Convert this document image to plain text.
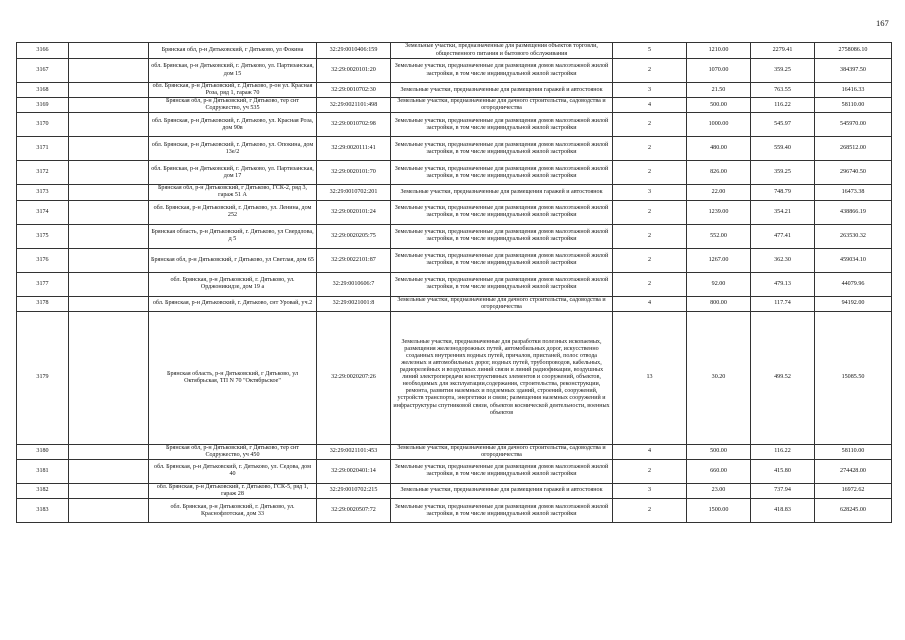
167
3166		Брянская обл, р-н Дятьковский, г Дятьково, ул Фокина	32:29:0010406:159	Земельные участки, предназначенные для размещения объектов торговли, общественного питания и бытового обслуживания	5	1210.00	2279.41	2758086.10
3167		обл. Брянская, р-н Дятьковский, г. Дятьково, ул. Партизанская, дом 15	32:29:0020101:20	Земельные участки, предназначенные для размещения домов малоэтажной жилой застройки, в том числе индивидуальной жилой застройки	2	1070.00	359.25	384397.50
3168		обл. Брянская, р-н Дятьковский, г. Дятьково, р-он ул. Красная Роза, ряд 1, гараж 70	32:29:0010702:30	Земельные участки, предназначенные для размещения гаражей и автостоянок	3	21.50	763.55	16416.33
3169		Брянская обл, р-н Дятьковский, г Дятьково, тер снт Содружество, уч 535	32:29:0021101:498	Земельные участки, предназначенные для дачного строительства, садоводства и огородничества	4	500.00	116.22	58110.00
3170		обл. Брянская, р-н Дятьковский, г. Дятьково, ул. Красная Роза, дом 90в	32:29:0010702:98	Земельные участки, предназначенные для размещения домов малоэтажной жилой застройки, в том числе индивидуальной жилой застройки	2	1000.00	545.97	545970.00
3171		обл. Брянская, р-н Дятьковский, г. Дятьково, ул. Опокина, дом 13е/2	32:29:0020111:41	Земельные участки, предназначенные для размещения домов малоэтажной жилой застройки, в том числе индивидуальной жилой застройки	2	480.00	559.40	268512.00
3172		обл. Брянская, р-н Дятьковский, г. Дятьково, ул. Партизанская, дом 17	32:29:0020101:70	Земельные участки, предназначенные для размещения домов малоэтажной жилой застройки, в том числе индивидуальной жилой застройки	2	826.00	359.25	296740.50
3173		Брянская обл, р-н Дятьковский, г Дятьково, ГСК-2, ряд 3, гараж 51 А	32:29:0010702:201	Земельные участки, предназначенные для размещения гаражей и автостоянок	3	22.00	748.79	16473.38
3174		обл. Брянская, р-н Дятьковский, г. Дятьково, ул. Ленина, дом 252	32:29:0020101:24	Земельные участки, предназначенные для размещения домов малоэтажной жилой застройки, в том числе индивидуальной жилой застройки	2	1239.00	354.21	438866.19
3175		Брянская область, р-н Дятьковский, г. Дятьково, ул Свердлова, д 5	32:29:0020205:75	Земельные участки, предназначенные для размещения домов малоэтажной жилой застройки, в том числе индивидуальной жилой застройки	2	552.00	477.41	263530.32
3176		Брянская обл, р-н Дятьковский, г Дятьково, ул Светлая, дом 65	32:29:0022101:87	Земельные участки, предназначенные для размещения домов малоэтажной жилой застройки, в том числе индивидуальной жилой застройки	2	1267.00	362.30	459034.10
3177		обл. Брянская, р-н Дятьковский, г. Дятьково, ул. Орджоникидзе, дом 19 а	32:29:0010606:7	Земельные участки, предназначенные для размещения домов малоэтажной жилой застройки, в том числе индивидуальной жилой застройки	2	92.00	479.13	44079.96
3178		обл. Брянская, р-н Дятьковский, г. Дятьково, снт Уровай, уч.2	32:29:0021001:8	Земельные участки, предназначенные для дачного строительства, садоводства и огородничества	4	800.00	117.74	94192.00
3179		Брянская область, р-н Дятьковский, г Дятьково, ул Октябрьская, ТП N 70 "Октябрьское"	32:29:0020207:26	Земельные участки, предназначенные для разработки полезных ископаемых, размещения железнодорожных путей, автомобильных дорог, искусственно созданных внутренних водных путей, причалов, пристаней, полос отвода железных и автомобильных дорог, водных путей, трубопроводов, кабельных, радиорелейных и воздушных линий связи и линий радиофикации, воздушных линий электропередачи конструктивных элементов и сооружений, объектов, необходимых для эксплуатации,содержания, строительства, реконструкции, ремонта, развития наземных и подземных зданий, строений, сооружений, устройств транспорта, энергетики и связи; размещения наземных сооружений и инфраструктуры спутниковой связи, объектов космической деятельности, военных объектов	13	30.20	499.52	15085.50
3180		Брянская обл, р-н Дятьковский, г Дятьково, тер снт Содружество, уч 450	32:29:0021101:453	Земельные участки, предназначенные для дачного строительства, садоводства и огородничества	4	500.00	116.22	58110.00
3181		обл. Брянская, р-н Дятьковский, г. Дятьково, ул. Седова, дом 40	32:29:0020401:14	Земельные участки, предназначенные для размещения домов малоэтажной жилой застройки, в том числе индивидуальной жилой застройки	2	660.00	415.80	274428.00
3182		обл. Брянская, р-н Дятьковский, г. Дятьково, ГСК-5, ряд 1, гараж 28	32:29:0010702:215	Земельные участки, предназначенные для размещения гаражей и автостоянок	3	23.00	737.94	16972.62
3183		обл. Брянская, р-н Дятьковский, г. Дятьково, ул. Краснофлотская, дом 33	32:29:0020507:72	Земельные участки, предназначенные для размещения домов малоэтажной жилой застройки, в том числе индивидуальной жилой застройки	2	1500.00	418.83	628245.00
